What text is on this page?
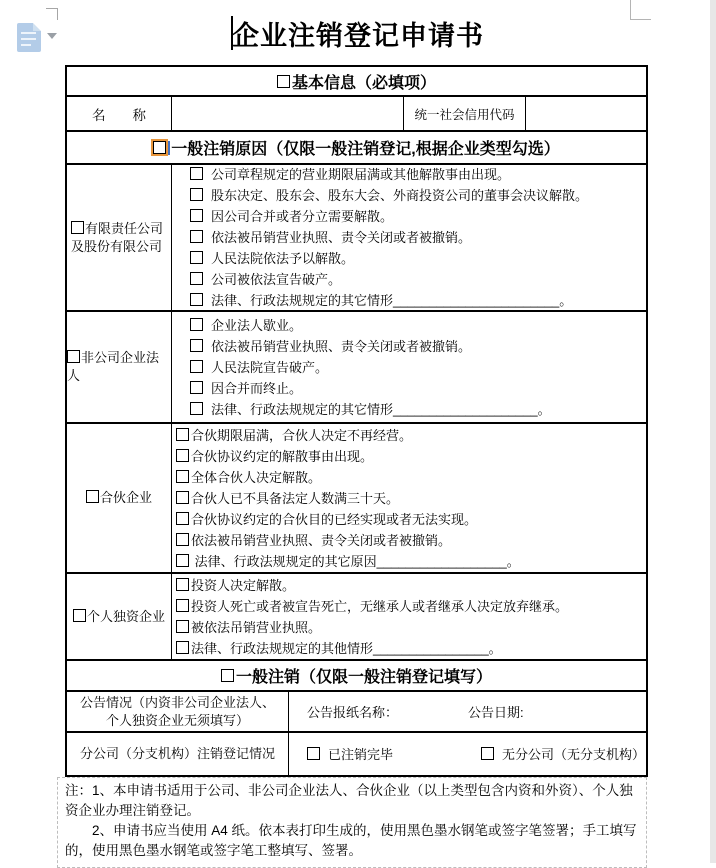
企业注销登记申请书
基本信息（必填项）
名　　称	统一社会信用代码
一般注销原因（仅限一般注销登记,根据企业类型勾选）
有限责任公司及股份有限公司
公司章程规定的营业期限届满或其他解散事由出现。
股东决定、股东会、股东大会、外商投资公司的董事会决议解散。
因公司合并或者分立需要解散。
依法被吊销营业执照、责令关闭或者被撤销。
人民法院依法予以解散。
公司被依法宣告破产。
法律、行政法规规定的其它情形_______________________。
非公司企业法人
企业法人歇业。
依法被吊销营业执照、责令关闭或者被撤销。
人民法院宣告破产。
因合并而终止。
法律、行政法规规定的其它情形____________________。
合伙企业
合伙期限届满，合伙人决定不再经营。
合伙协议约定的解散事由出现。
全体合伙人决定解散。
合伙人已不具备法定人数满三十天。
合伙协议约定的合伙目的已经实现或者无法实现。
依法被吊销营业执照、责令关闭或者被撤销。
法律、行政法规规定的其它原因__________________。
个人独资企业
投资人决定解散。
投资人死亡或者被宣告死亡，无继承人或者继承人决定放弃继承。
被依法吊销营业执照。
法律、行政法规规定的其他情形________________。
一般注销（仅限一般注销登记填写）
公告情况（内资非公司企业法人、个人独资企业无须填写）	公告报纸名称：	公告日期:
分公司（分支机构）注销登记情况	已注销完毕	无分公司（无分支机构）
注：1、本申请书适用于公司、非公司企业法人、合伙企业（以上类型包含内资和外资）、个人独资企业办理注销登记。
　　2、申请书应当使用 A4 纸。依本表打印生成的，使用黑色墨水钢笔或签字笔签署；手工填写的，使用黑色墨水钢笔或签字笔工整填写、签署。
